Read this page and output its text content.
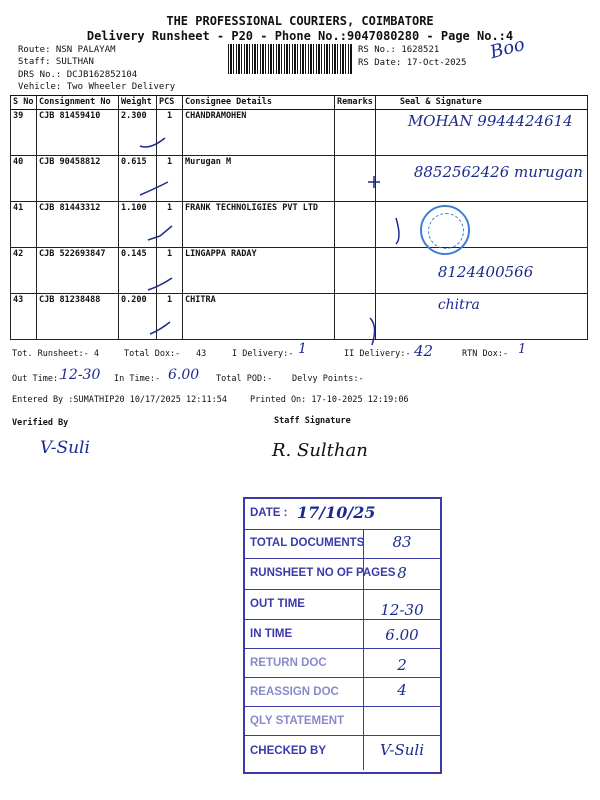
THE PROFESSIONAL COURIERS, COIMBATORE
Delivery Runsheet - P20 - Phone No.:9047080280 - Page No.:4
Route: NSN PALAYAM
Staff: SULTHAN
DRS No.: DCJB162852104
Vehicle: Two Wheeler Delivery
RS No.: 1628521
RS Date: 17-Oct-2025 Boo
S No	Consignment No	Weight	PCS	Consignee Details	Remarks	Seal & Signature
39	CJB 81459410	2.300	1	CHANDRAMOHEN		MOHAN 9944424614

40	CJB 90458812	0.615	1	Murugan M		8852562426 murugan

41	CJB 81443312	1.100	1	FRANK TECHNOLIGIES PVT LTD		
42	CJB 522693847	0.145	1	LINGAPPA RADAY		8124400566

43	CJB 81238488	0.200	1	CHITRA		chitra
Tot. Runsheet:- 4	Total Dox:- 43	I Delivery:- 1	II Delivery:- 42	RTN Dox:- 1
Out Time:-
12-30 In Time:- 6.00 Total POD:- Delvy Points:-
Entered By :SUMATHIP20 10/17/2025 12:11:54	Printed On: 17-10-2025 12:19:06
Verified By
V-Suli
Staff Signature
R. Sulthan
DATE : 17/10/25
TOTAL DOCUMENTS	83
RUNSHEET NO OF PAGES 8
OUT TIME	12-30
IN TIME	6.00
RETURN DOC	2
REASSIGN DOC	4
QLY STATEMENT
CHECKED BY	V-Suli
